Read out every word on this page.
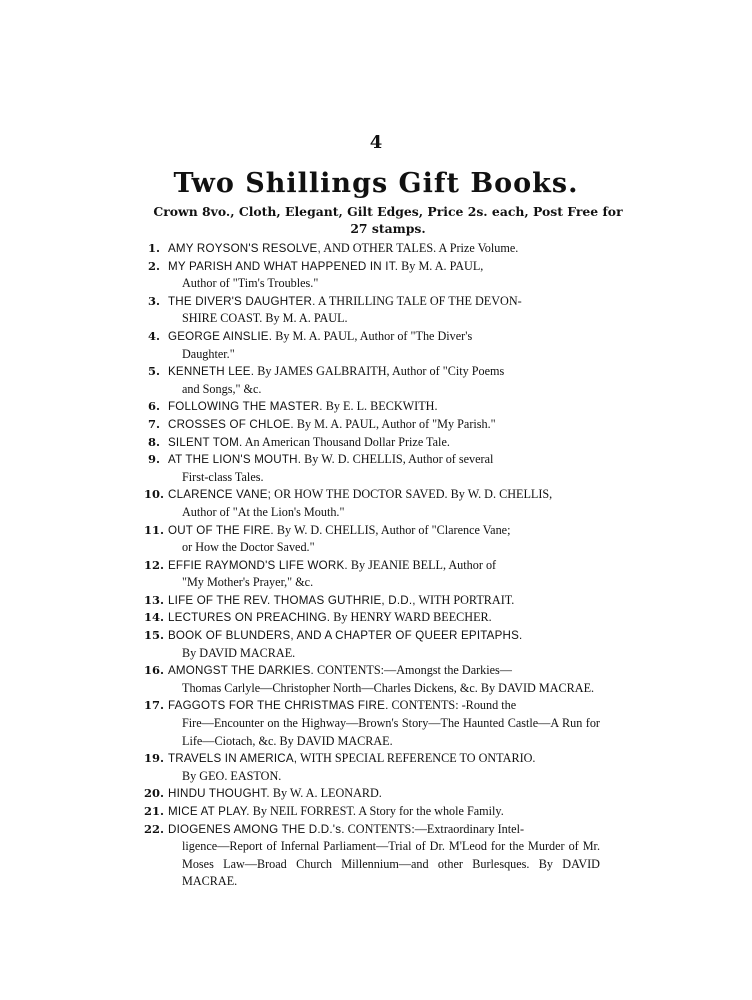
4
Two Shillings Gift Books.
Crown 8vo., Cloth, Elegant, Gilt Edges, Price 2s. each, Post Free for 27 stamps.
1. AMY ROYSON'S RESOLVE, AND OTHER TALES. A Prize Volume.
2. MY PARISH AND WHAT HAPPENED IN IT. By M. A. PAUL,
Author of "Tim's Troubles."
3. THE DIVER'S DAUGHTER. A THRILLING TALE OF THE DEVON-
SHIRE COAST. By M. A. PAUL.
4. GEORGE AINSLIE. By M. A. PAUL, Author of "The Diver's
Daughter."
5. KENNETH LEE. By JAMES GALBRAITH, Author of "City Poems
and Songs," &c.
6. FOLLOWING THE MASTER. By E. L. BECKWITH.
7. CROSSES OF CHLOE. By M. A. PAUL, Author of "My Parish."
8. SILENT TOM. An American Thousand Dollar Prize Tale.
9. AT THE LION'S MOUTH. By W. D. CHELLIS, Author of several
First-class Tales.
10. CLARENCE VANE; OR HOW THE DOCTOR SAVED. By W. D. CHELLIS,
Author of "At the Lion's Mouth."
11. OUT OF THE FIRE. By W. D. CHELLIS, Author of "Clarence Vane;
or How the Doctor Saved."
12. EFFIE RAYMOND'S LIFE WORK. By JEANIE BELL, Author of
"My Mother's Prayer," &c.
13. LIFE OF THE REV. THOMAS GUTHRIE, D.D., WITH PORTRAIT.
14. LECTURES ON PREACHING. By HENRY WARD BEECHER.
15. BOOK OF BLUNDERS, AND A CHAPTER OF QUEER EPITAPHS.
By DAVID MACRAE.
16. AMONGST THE DARKIES. CONTENTS:—Amongst the Darkies—
Thomas Carlyle—Christopher North—Charles Dickens, &c. By DAVID MACRAE.
17. FAGGOTS FOR THE CHRISTMAS FIRE. CONTENTS: -Round the
Fire—Encounter on the Highway—Brown's Story—The Haunted Castle—A Run for Life—Ciotach, &c. By DAVID MACRAE.
19. TRAVELS IN AMERICA, WITH SPECIAL REFERENCE TO ONTARIO.
By GEO. EASTON.
20. HINDU THOUGHT. By W. A. LEONARD.
21. MICE AT PLAY. By NEIL FORREST. A Story for the whole Family.
22. DIOGENES AMONG THE D.D.'s. CONTENTS:—Extraordinary Intel-
ligence—Report of Infernal Parliament—Trial of Dr. M'Leod for the Murder of Mr. Moses Law—Broad Church Millennium—and other Burlesques. By DAVID MACRAE.
